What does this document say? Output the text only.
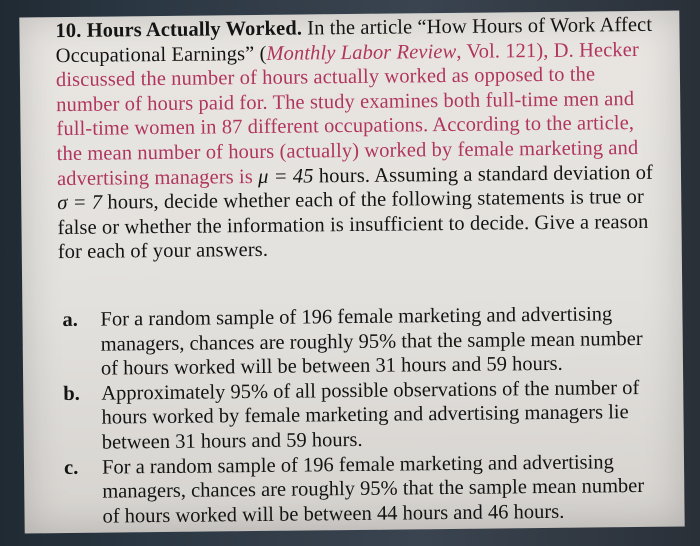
10. Hours Actually Worked. In the article “How Hours of Work Affect Occupational Earnings” (Monthly Labor Review, Vol. 121), D. Hecker discussed the number of hours actually worked as opposed to the number of hours paid for. The study examines both full-time men and full-time women in 87 different occupations. According to the article, the mean number of hours (actually) worked by female marketing and advertising managers is μ = 45 hours. Assuming a standard deviation of σ = 7 hours, decide whether each of the following statements is true or false or whether the information is insufficient to decide. Give a reason for each of your answers.
a. For a random sample of 196 female marketing and advertising managers, chances are roughly 95% that the sample mean number of hours worked will be between 31 hours and 59 hours.
b. Approximately 95% of all possible observations of the number of hours worked by female marketing and advertising managers lie between 31 hours and 59 hours.
c. For a random sample of 196 female marketing and advertising managers, chances are roughly 95% that the sample mean number of hours worked will be between 44 hours and 46 hours.
